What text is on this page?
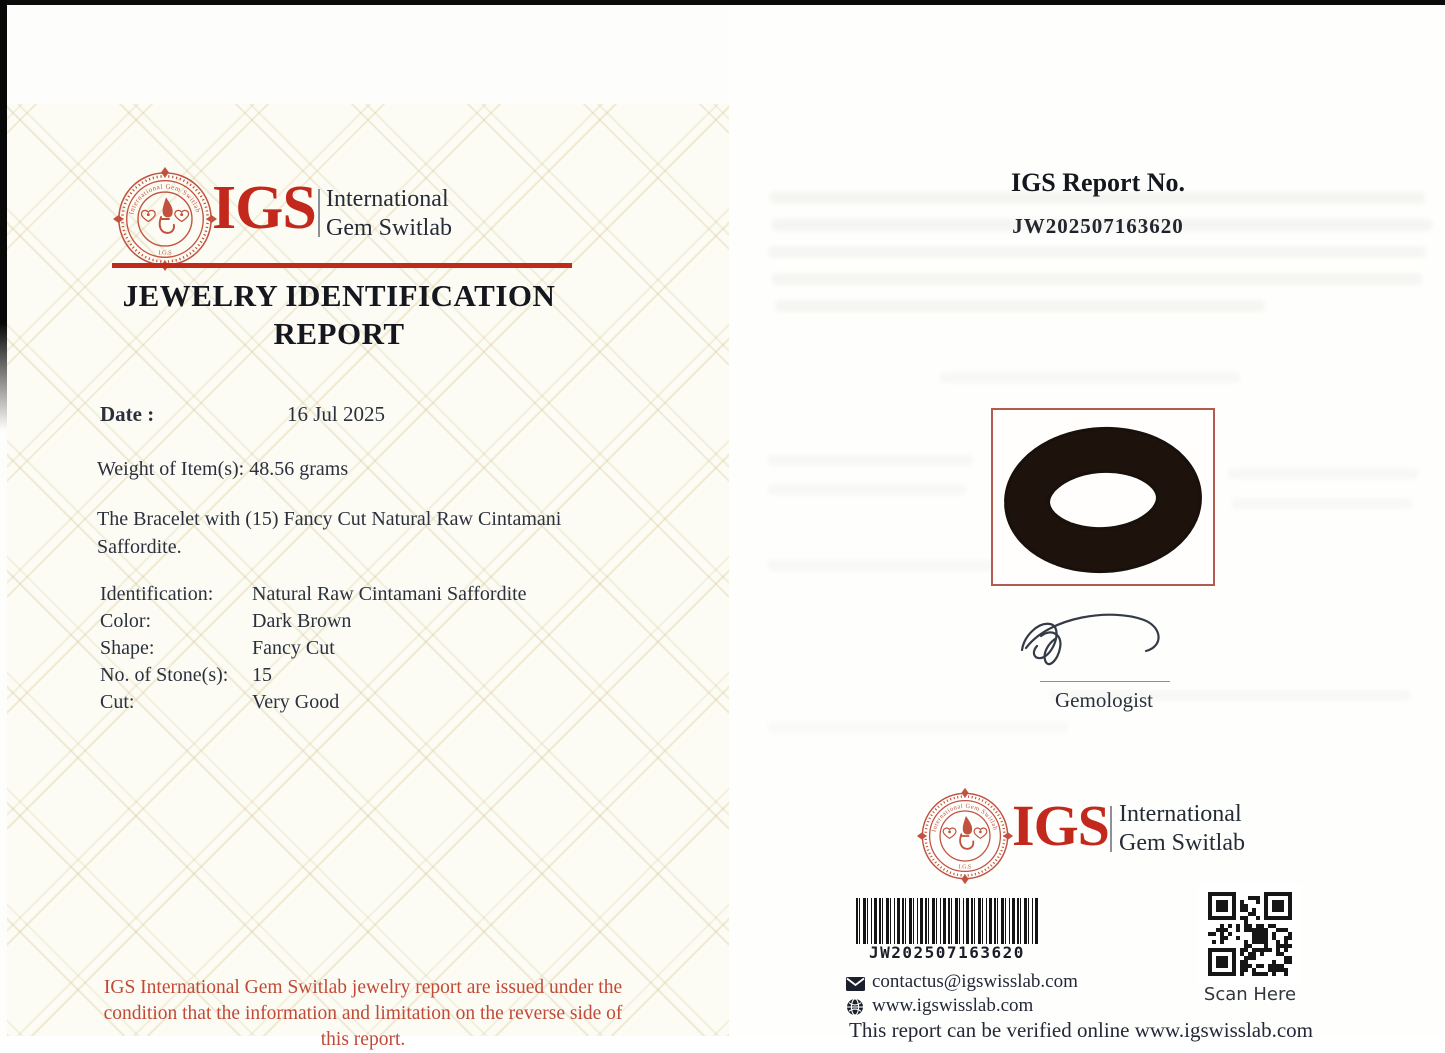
IGS International
Gem Switlab
JEWELRY IDENTIFICATION
REPORT
Date :	16 Jul 2025
Weight of Item(s): 48.56 grams
The Bracelet with (15) Fancy Cut Natural Raw Cintamani
Saffordite.
Identification: Natural Raw Cintamani Saffordite
Color:	Dark Brown
Shape:	Fancy Cut
No. of Stone(s): 15
Cut:	Very Good
IGS International Gem Switlab jewelry report are issued under the
condition that the information and limitation on the reverse side of
this report.
IGS Report No.
JW202507163620
Gemologist
IGS International
Gem Switlab
JW202507163620
Scan Here
contactus@igswisslab.com
www.igswisslab.com
This report can be verified online www.igswisslab.com
